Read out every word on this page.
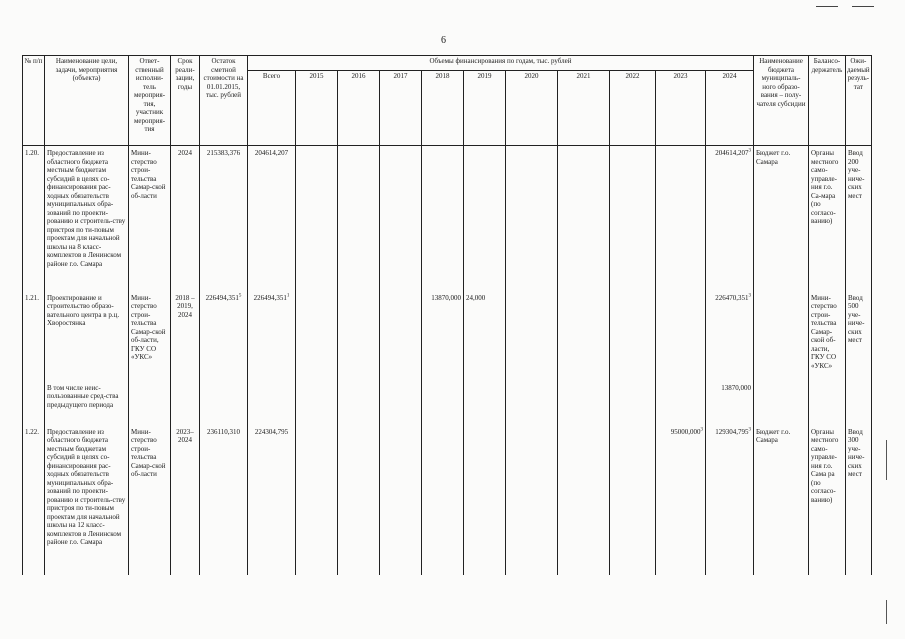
6
№ п/п	Наименование цели, задачи, мероприятия (объекта)	Ответ-ственный исполни-тель мероприя-тия, участник мероприя-тия	Срок реали-зации, годы	Остаток сметной стоимости на 01.01.2015, тыс. рублей	Объемы финансирования по годам, тыс. рублей											Наименование бюджета муниципаль-ного образо-вания – полу-чателя субсидии	Балансо-держатель	Ожи-даемый резуль-тат
					Всего	2015	2016	2017	2018	2019	2020	2021	2022	2023	2024			
1.20.	Предоставление из областного бюджета местным бюджетам субсидий в целях со-финансирования рас-ходных обязательств муниципальных обра-зований по проекти-рованию и строитель-ству пристроя по ти-повым проектам для начальной школы на 8 класс-комплектов в Ленинском районе г.о. Самара	Мини-стерство строи-тельства Самар-ской об-ласти	2024	215383,376	204614,207										204614,207$^3$	Бюджет г.о. Самара	Органы местного само-управле-ния г.о. Са-мара (по согласо-ванию)	Ввод 200 уче-ниче-ских мест
1.21.	Проектирование и строительство образо-вательного центра в р.ц. Хворостянка	Мини-стерство строи-тельства Самар-ской об-ласти, ГКУ СО «УКС»	2018 – 2019, 2024	226494,351$^5$	226494,351$^1$				13870,000	24,000					226470,351$^3$		Мини-стерство строи-тельства Самар-ской об-ласти, ГКУ СО «УКС»	Ввод 500 уче-ниче-ских мест
	В том числе неис-пользованные сред-ства предыдущего периода														13870,000			
1.22.	Предоставление из областного бюджета местным бюджетам субсидий в целях со-финансирования рас-ходных обязательств муниципальных обра-зований по проекти-рованию и строитель-ству пристроя по ти-повым проектам для начальной школы на 12 класс-комплектов в Ленинском районе г.о. Самара	Мини-стерство строи-тельства Самар-ской об-ласти	2023– 2024	236110,310	224304,795									95000,000$^3$	129304,795$^3$	Бюджет г.о. Самара	Органы местного само-управле-ния г.о. Сама ра (по согласо-ванию)	Ввод 300 уче-ниче-ских мест
